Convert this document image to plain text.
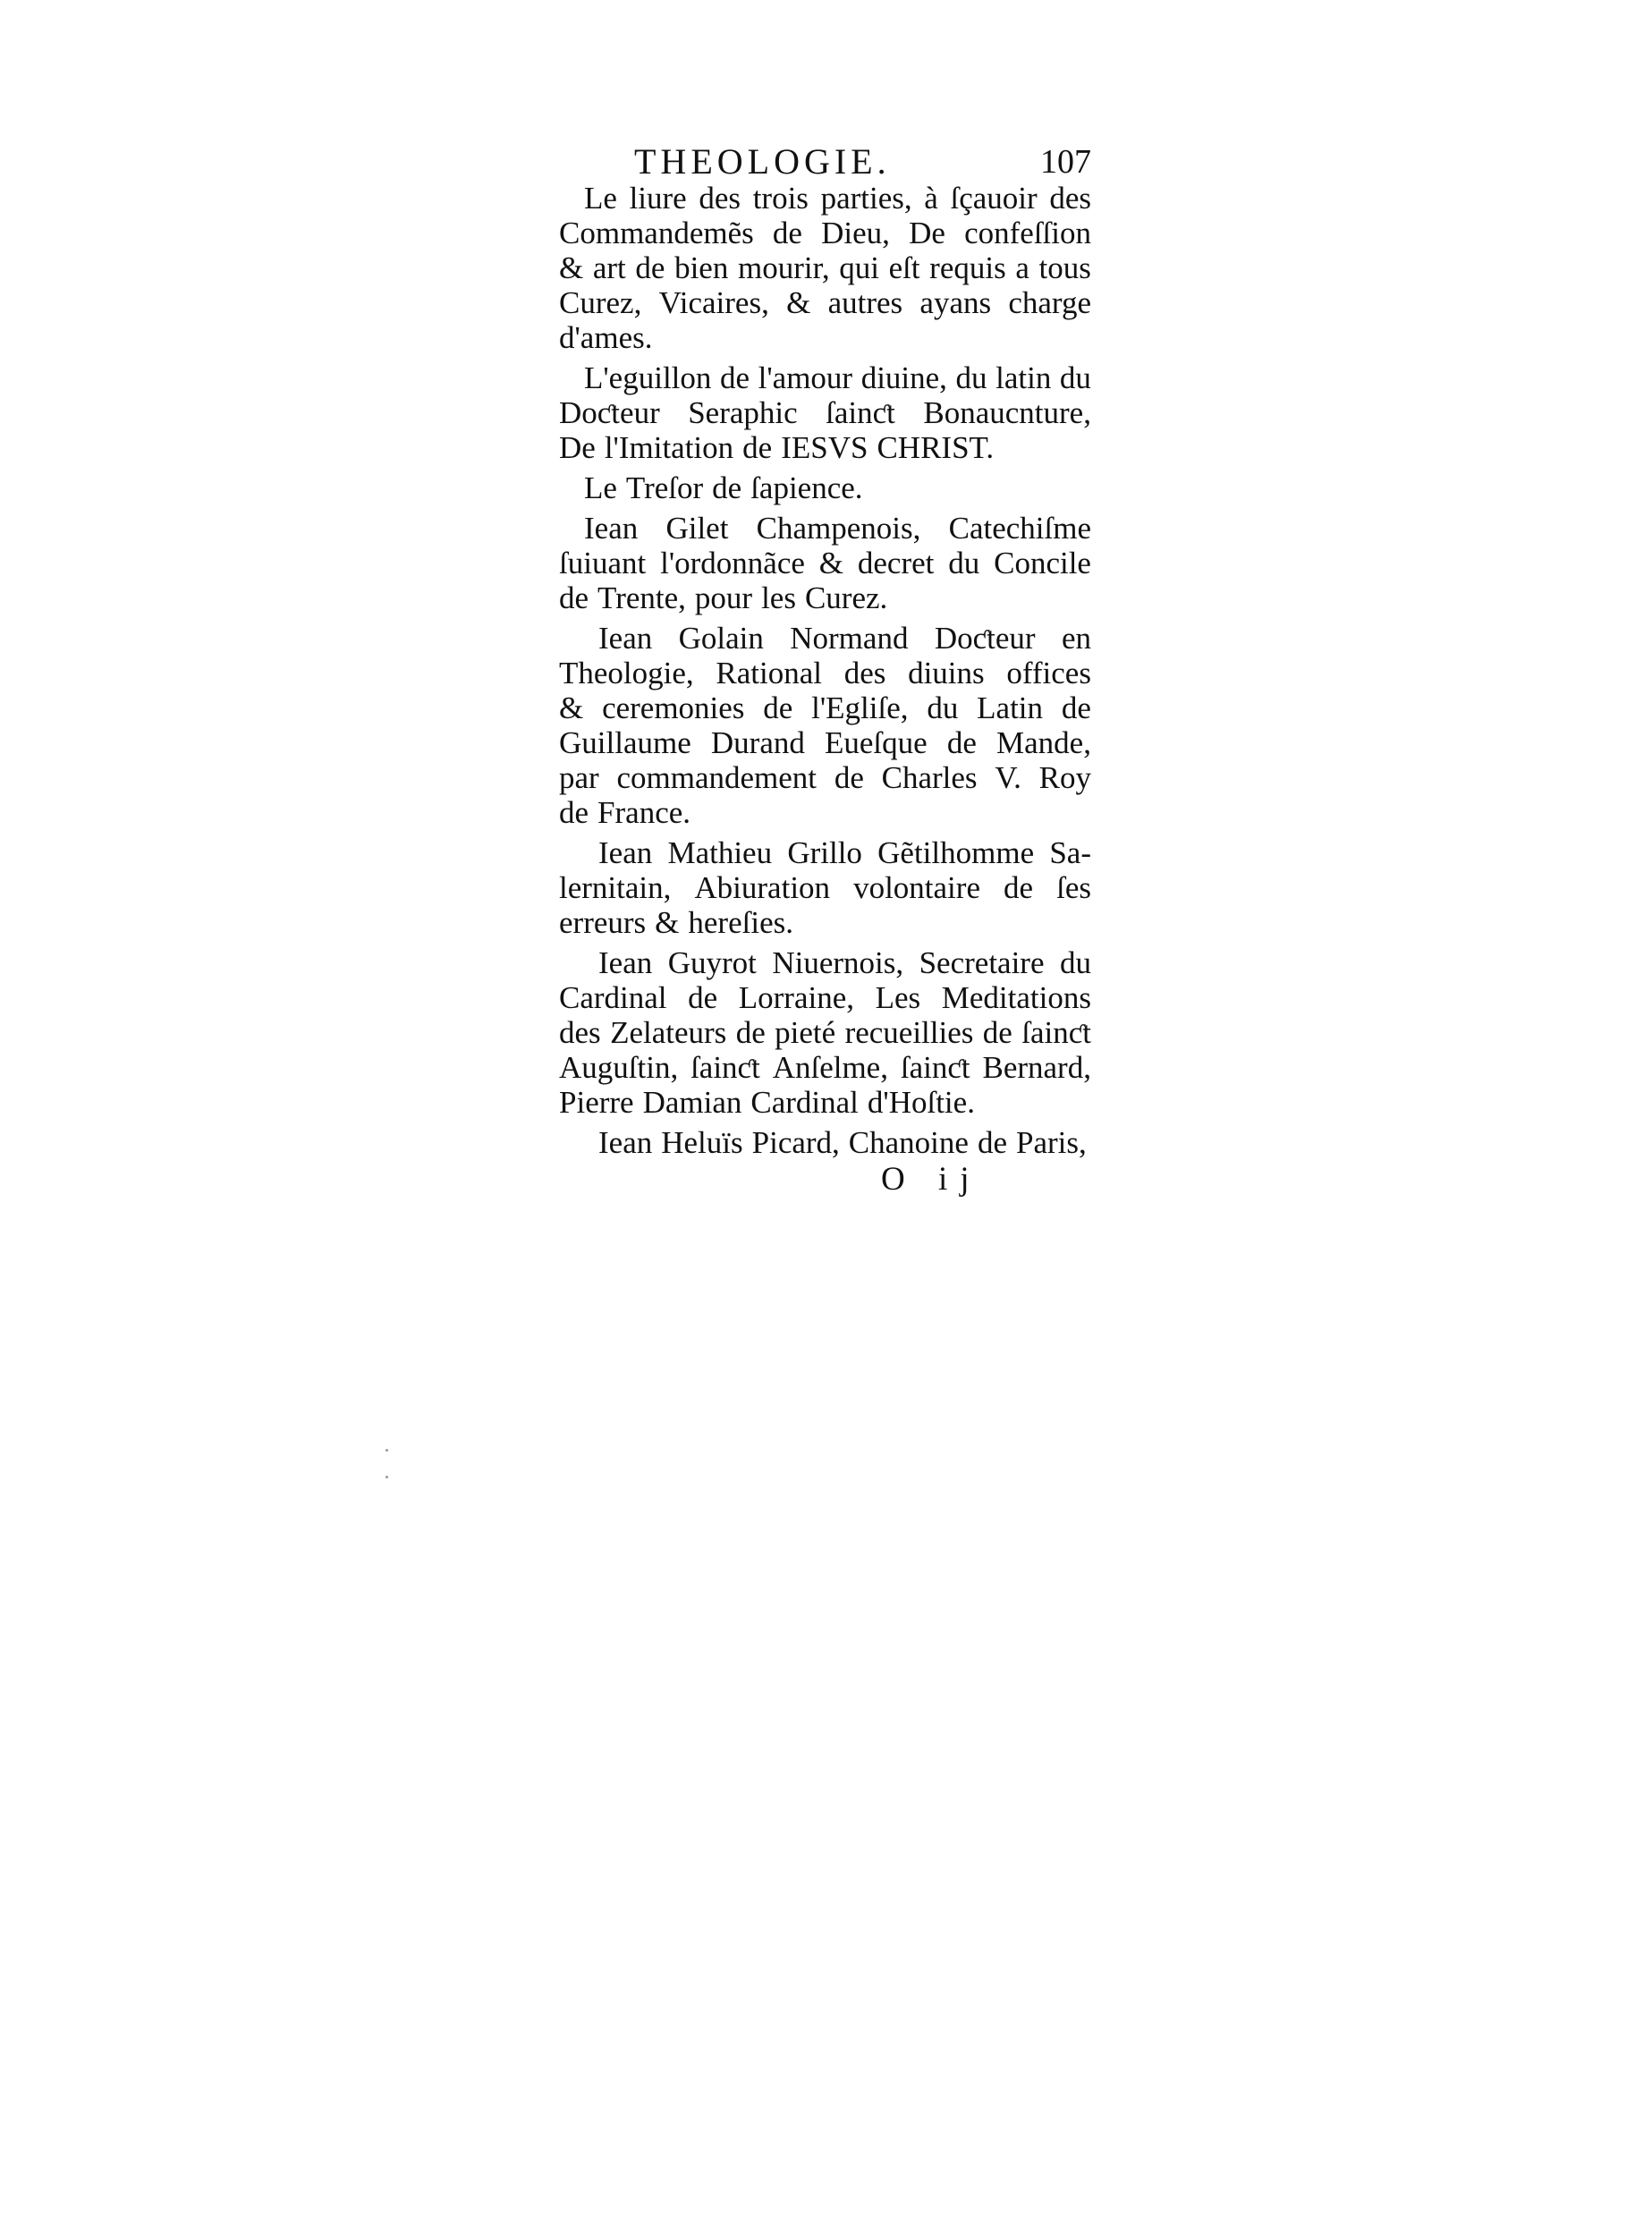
THEOLOGIE.	107
Le liure des trois parties, à ſçauoir des
Commandemẽs de Dieu, De confeſſion
& art de bien mourir, qui eſt requis a tous
Curez, Vicaires, & autres ayans charge
d'ames.
L'eguillon de l'amour diuine, du latin du
Doƈteur Seraphic ſainƈt Bonaucnture,
De l'Imitation de IESVS CHRIST.
Le Treſor de ſapience.
Iean Gilet Champenois, Catechiſme
ſuiuant l'ordonnãce & decret du Concile
de Trente, pour les Curez.
Iean Golain Normand Doƈteur en
Theologie, Rational des diuins offices
& ceremonies de l'Egliſe, du Latin de
Guillaume Durand Eueſque de Mande,
par commandement de Charles V. Roy
de France.
Iean Mathieu Grillo Gẽtilhomme Sa-
lernitain, Abiuration volontaire de ſes
erreurs & hereſies.
Iean Guyrot Niuernois, Secretaire du
Cardinal de Lorraine, Les Meditations
des Zelateurs de pieté recueillies de ſainƈt
Auguſtin, ſainƈt Anſelme, ſainƈt Bernard,
Pierre Damian Cardinal d'Hoſtie.
Iean Heluïs Picard, Chanoine de Paris,
O ij
